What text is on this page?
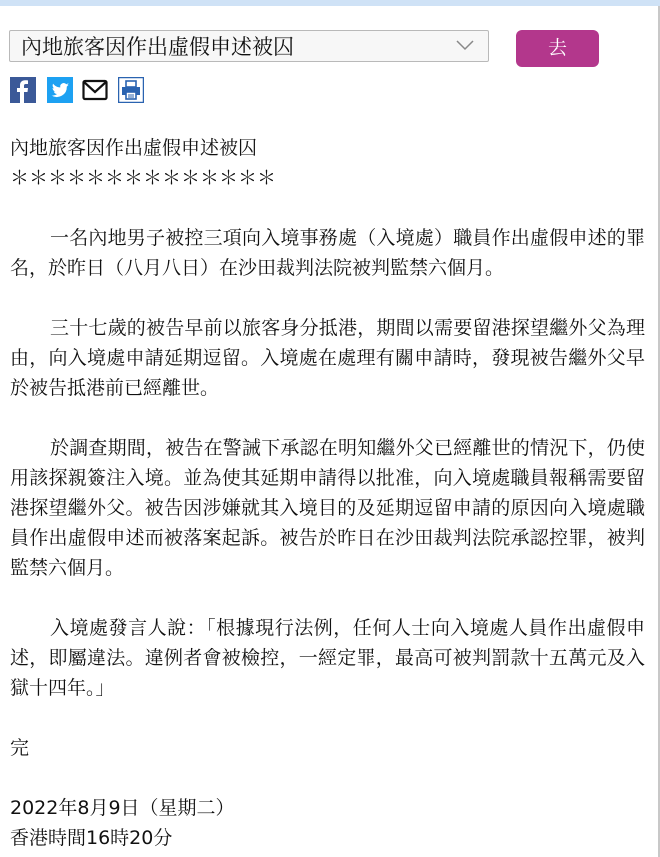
內地旅客因作出虛假申述被囚	去

內地旅客因作出虛假申述被囚

＊＊＊＊＊＊＊＊＊＊＊＊＊＊

一名內地男子被控三項向入境事務處（入境處）職員作出虛假申述的罪名，於昨日（八月八日）在沙田裁判法院被判監禁六個月。

三十七歲的被告早前以旅客身分抵港，期間以需要留港探望繼外父為理由，向入境處申請延期逗留。入境處在處理有關申請時，發現被告繼外父早於被告抵港前已經離世。

於調查期間，被告在警誡下承認在明知繼外父已經離世的情況下，仍使用該探親簽注入境。並為使其延期申請得以批准，向入境處職員報稱需要留港探望繼外父。被告因涉嫌就其入境目的及延期逗留申請的原因向入境處職員作出虛假申述而被落案起訴。被告於昨日在沙田裁判法院承認控罪，被判監禁六個月。

入境處發言人說：「根據現行法例，任何人士向入境處人員作出虛假申述，即屬違法。違例者會被檢控，一經定罪，最高可被判罰款十五萬元及入獄十四年。」

完

2022年8月9日（星期二）

香港時間16時20分
